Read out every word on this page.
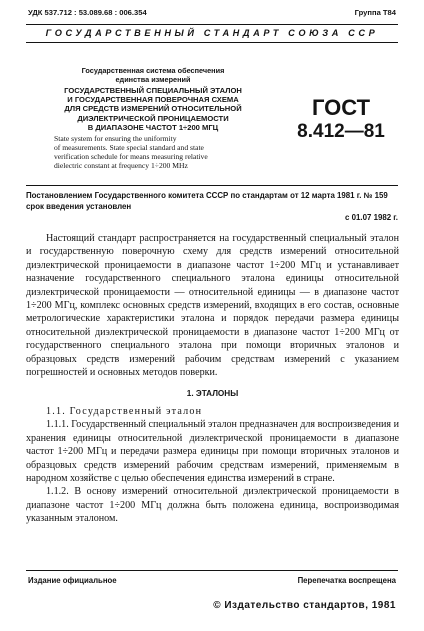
УДК 537.712 : 53.089.68 : 006.354	Группа Т84
ГОСУДАРСТВЕННЫЙ СТАНДАРТ СОЮЗА ССР
Государственная система обеспечения
единства измерений
ГОСУДАРСТВЕННЫЙ СПЕЦИАЛЬНЫЙ ЭТАЛОН
И ГОСУДАРСТВЕННАЯ ПОВЕРОЧНАЯ СХЕМА
ДЛЯ СРЕДСТВ ИЗМЕРЕНИЙ ОТНОСИТЕЛЬНОЙ
ДИЭЛЕКТРИЧЕСКОЙ ПРОНИЦАЕМОСТИ
В ДИАПАЗОНЕ ЧАСТОТ 1÷200 МГЦ
State system for ensuring the uniformity
of measurements. State special standard and state
verification schedule for means measuring relative
dielectric constant at frequency 1÷200 MHz
ГОСТ
8.412—81
Постановлением Государственного комитета СССР по стандартам от 12 марта 1981 г. № 159 срок введения установлен
с 01.07 1982 г.

Настоящий стандарт распространяется на государственный специальный эталон и государственную поверочную схему для средств измерений относительной диэлектрической проницаемости в диапазоне частот 1÷200 МГц и устанавливает назначение государственного специального эталона единицы относительной диэлектрической проницаемости — относительной единицы — в диапазоне частот 1÷200 МГц, комплекс основных средств измерений, входящих в его состав, основные метрологические характеристики эталона и порядок передачи размера единицы относительной диэлектрической проницаемости в диапазоне частот 1÷200 МГц от государственного специального эталона при помощи вторичных эталонов и образцовых средств измерений рабочим средствам измерений с указанием погрешностей и основных методов поверки.

1. ЭТАЛОНЫ

1.1. Государственный эталон

1.1.1. Государственный специальный эталон предназначен для воспроизведения и хранения единицы относительной диэлектрической проницаемости в диапазоне частот 1÷200 МГц и передачи размера единицы при помощи вторичных эталонов и образцовых средств измерений рабочим средствам измерений, применяемым в народном хозяйстве с целью обеспечения единства измерений в стране.

1.1.2. В основу измерений относительной диэлектрической проницаемости в диапазоне частот 1÷200 МГц должна быть положена единица, воспроизводимая указанным эталоном.

Издание официальное	Перепечатка воспрещена
© Издательство стандартов, 1981
